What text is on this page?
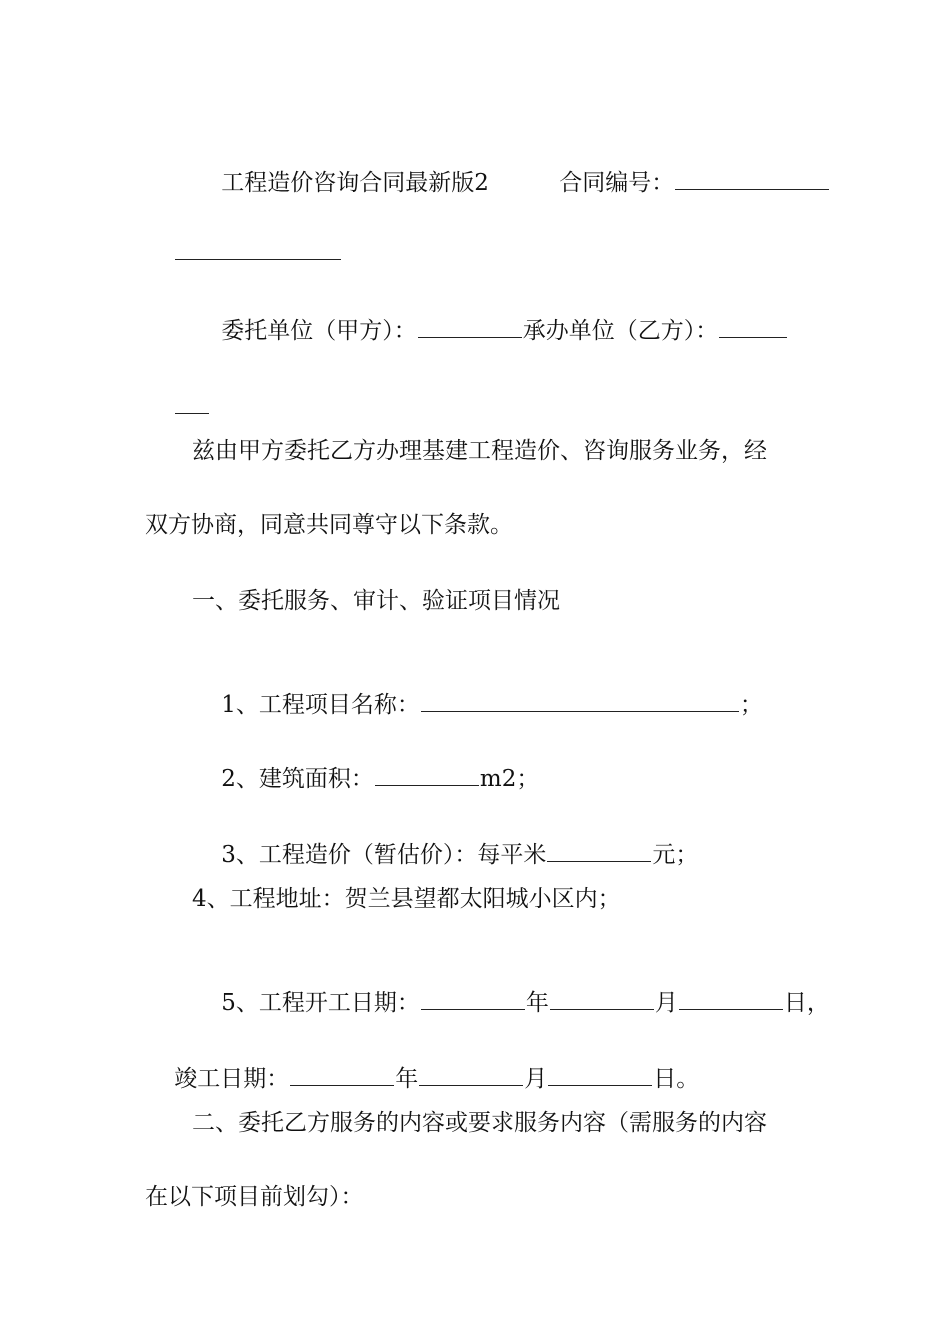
工程造价咨询合同最新版2
	合同编号：

委托单位（甲方）：	承办单位（乙方）：

兹由甲方委托乙方办理基建工程造价、咨询服务业务，经
双方协商，同意共同尊守以下条款。
一、委托服务、审计、验证项目情况

1、工程项目名称：	；

2、建筑面积：	m2；

3、工程造价（暂估价）：每平米	元；

4、工程地址：贺兰县望都太阳城小区内；

5、工程开工日期：	年	月	日，

竣工日期：	年	月	日。

二、委托乙方服务的内容或要求服务内容（需服务的内容
在以下项目前划勾）：
